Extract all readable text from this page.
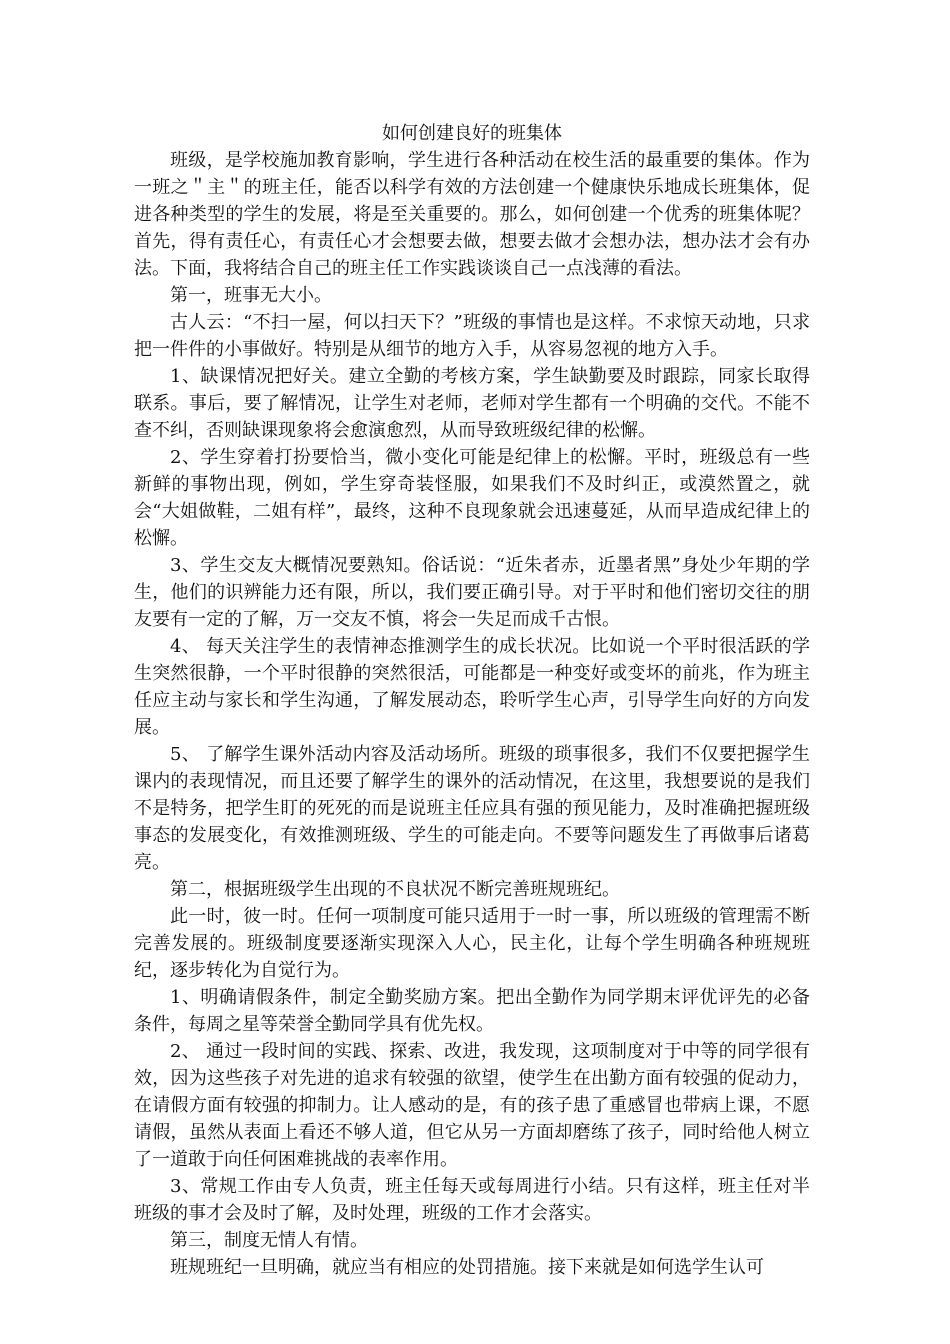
如何创建良好的班集体

班级，是学校施加教育影响，学生进行各种活动在校生活的最重要的集体。作为一班之＂主＂的班主任，能否以科学有效的方法创建一个健康快乐地成长班集体，促进各种类型的学生的发展，将是至关重要的。那么，如何创建一个优秀的班集体呢？首先，得有责任心，有责任心才会想要去做，想要去做才会想办法，想办法才会有办法。下面，我将结合自己的班主任工作实践谈谈自己一点浅薄的看法。

第一，班事无大小。

古人云：“不扫一屋，何以扫天下？”班级的事情也是这样。不求惊天动地，只求把一件件的小事做好。特别是从细节的地方入手，从容易忽视的地方入手。

1、缺课情况把好关。建立全勤的考核方案，学生缺勤要及时跟踪，同家长取得联系。事后，要了解情况，让学生对老师，老师对学生都有一个明确的交代。不能不查不纠，否则缺课现象将会愈演愈烈，从而导致班级纪律的松懈。

2、学生穿着打扮要恰当，微小变化可能是纪律上的松懈。平时，班级总有一些新鲜的事物出现，例如，学生穿奇装怪服，如果我们不及时纠正，或漠然置之，就会“大姐做鞋，二姐有样”，最终，这种不良现象就会迅速蔓延，从而早造成纪律上的松懈。

3、学生交友大概情况要熟知。俗话说：“近朱者赤，近墨者黑”身处少年期的学生，他们的识辨能力还有限，所以，我们要正确引导。对于平时和他们密切交往的朋友要有一定的了解，万一交友不慎，将会一失足而成千古恨。

4、 每天关注学生的表情神态推测学生的成长状况。比如说一个平时很活跃的学生突然很静，一个平时很静的突然很活，可能都是一种变好或变坏的前兆，作为班主任应主动与家长和学生沟通，了解发展动态，聆听学生心声，引导学生向好的方向发展。

5、 了解学生课外活动内容及活动场所。班级的琐事很多，我们不仅要把握学生课内的表现情况，而且还要了解学生的课外的活动情况，在这里，我想要说的是我们不是特务，把学生盯的死死的而是说班主任应具有强的预见能力，及时准确把握班级事态的发展变化，有效推测班级、学生的可能走向。不要等问题发生了再做事后诸葛亮。

第二，根据班级学生出现的不良状况不断完善班规班纪。

此一时，彼一时。任何一项制度可能只适用于一时一事，所以班级的管理需不断完善发展的。班级制度要逐渐实现深入人心，民主化，让每个学生明确各种班规班纪，逐步转化为自觉行为。

1、明确请假条件，制定全勤奖励方案。把出全勤作为同学期末评优评先的必备条件，每周之星等荣誉全勤同学具有优先权。

2、 通过一段时间的实践、探索、改进，我发现，这项制度对于中等的同学很有效，因为这些孩子对先进的追求有较强的欲望，使学生在出勤方面有较强的促动力，在请假方面有较强的抑制力。让人感动的是，有的孩子患了重感冒也带病上课，不愿请假，虽然从表面上看还不够人道，但它从另一方面却磨练了孩子，同时给他人树立了一道敢于向任何困难挑战的表率作用。

3、常规工作由专人负责，班主任每天或每周进行小结。只有这样，班主任对半班级的事才会及时了解，及时处理，班级的工作才会落实。

第三，制度无情人有情。

班规班纪一旦明确，就应当有相应的处罚措施。接下来就是如何选学生认可
